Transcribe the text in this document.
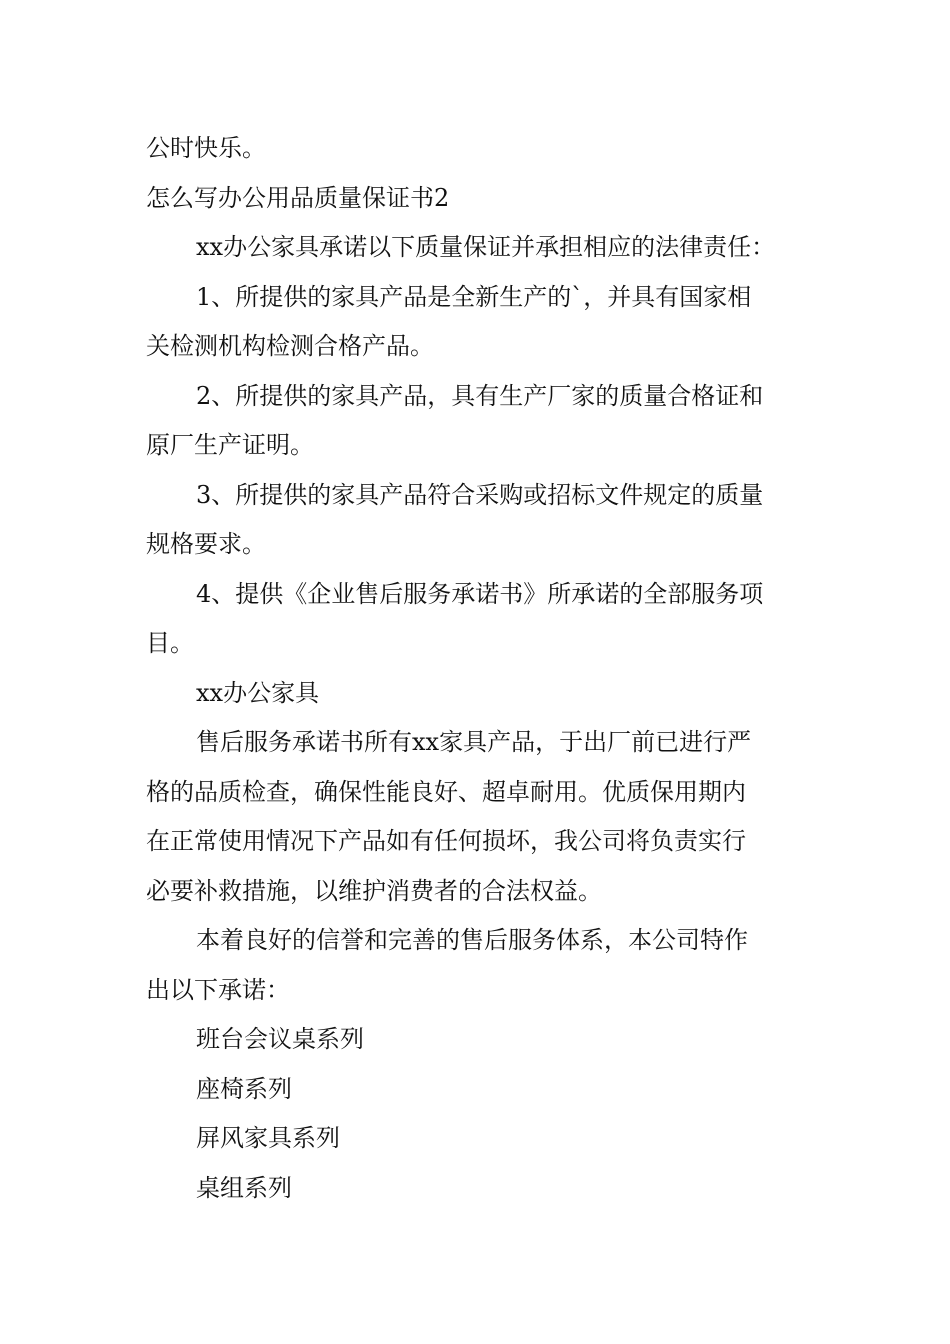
公时快乐。

怎么写办公用品质量保证书2

xx办公家具承诺以下质量保证并承担相应的法律责任：

1、所提供的家具产品是全新生产的`，并具有国家相

关检测机构检测合格产品。

2、所提供的家具产品，具有生产厂家的质量合格证和

原厂生产证明。

3、所提供的家具产品符合采购或招标文件规定的质量

规格要求。

4、提供《企业售后服务承诺书》所承诺的全部服务项

目。

xx办公家具

售后服务承诺书所有xx家具产品，于出厂前已进行严

格的品质检查，确保性能良好、超卓耐用。优质保用期内

在正常使用情况下产品如有任何损坏，我公司将负责实行

必要补救措施，以维护消费者的合法权益。

本着良好的信誉和完善的售后服务体系，本公司特作

出以下承诺：

班台会议桌系列

座椅系列

屏风家具系列

桌组系列
